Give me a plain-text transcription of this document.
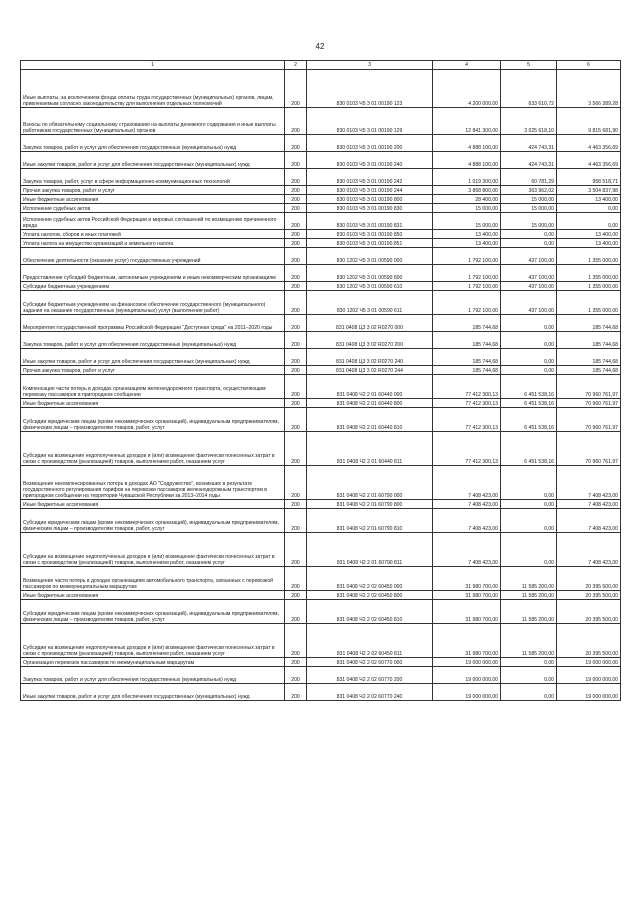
42
1	2	3	4	5	6
Иные выплаты, за исключением фонда оплаты труда государственных (муниципальных) органов, лицам, привлекаемым согласно законодательству для выполнения отдельных полномочий	200	830 0103 Ч5 3 01 00190 123	4 200 000,00	633 610,72	3 566 389,28
Взносы по обязательному социальному страхованию на выплаты денежного содержания и иные выплаты работникам государственных (муниципальных) органов	200	830 0103 Ч5 3 01 00190 129	12 841 300,00	3 025 618,10	9 815 681,90
Закупка товаров, работ и услуг для обеспечения государственных (муниципальных) нужд	200	830 0103 Ч5 3 01 00190 200	4 888 100,00	424 743,31	4 463 356,69
Иные закупки товаров, работ и услуг для обеспечения государственных (муниципальных) нужд	200	830 0103 Ч5 3 01 00190 240	4 888 100,00	424 743,31	4 463 356,69
Закупка товаров, работ, услуг в сфере информационно-коммуникационных технологий	200	830 0103 Ч5 3 01 00190 242	1 019 300,00	60 781,29	958 518,71
Прочая закупка товаров, работ и услуг	200	830 0103 Ч5 3 01 00190 244	3 868 800,00	363 962,02	3 504 837,98
Иные бюджетные ассигнования	200	830 0103 Ч5 3 01 00190 800	28 400,00	15 000,00	13 400,00
Исполнение судебных актов	200	830 0103 Ч5 3 01 00190 830	15 000,00	15 000,00	0,00
Исполнение судебных актов Российской Федерации и мировых соглашений по возмещению причиненного вреда	200	830 0103 Ч5 3 01 00190 831	15 000,00	15 000,00	0,00
Уплата налогов, сборов и иных платежей	200	830 0103 Ч5 3 01 00190 850	13 400,00	0,00	13 400,00
Уплата налога на имущество организаций и земельного налога	200	830 0103 Ч5 3 01 00190 851	13 400,00	0,00	13 400,00
Обеспечение деятельности (оказание услуг) государственных учреждений	200	830 1202 Ч5 3 01 00590 000	1 792 100,00	437 100,00	1 355 000,00
Предоставление субсидий бюджетным, автономным учреждениям и иным некоммерческим организациям	200	830 1202 Ч5 3 01 00590 600	1 792 100,00	437 100,00	1 355 000,00
Субсидии бюджетным учреждениям	200	830 1202 Ч5 3 01 00590 610	1 792 100,00	437 100,00	1 355 000,00
Субсидии бюджетным учреждениям на финансовое обеспечение государственного (муниципального) задания на оказание государственных (муниципальных) услуг (выполнение работ)	200	830 1202 Ч5 3 01 00590 611	1 792 100,00	437 100,00	1 355 000,00
Мероприятия государственной программы Российской Федерации "Доступная среда" на 2011–2020 годы	200	831 0408 Ц3 3 02 R0270 000	185 744,68	0,00	185 744,68
Закупка товаров, работ и услуг для обеспечения государственных (муниципальных) нужд	200	831 0408 Ц3 3 02 R0270 200	185 744,68	0,00	185 744,68
Иные закупки товаров, работ и услуг для обеспечения государственных (муниципальных) нужд	200	831 0408 Ц3 3 02 R0270 240	185 744,68	0,00	185 744,68
Прочая закупка товаров, работ и услуг	200	831 0408 Ц3 3 02 R0270 244	185 744,68	0,00	185 744,68
Компенсация части потерь в доходах организациям железнодорожного транспорта, осуществляющим перевозку пассажиров в пригородном сообщении	200	831 0408 Ч2 2 01 60440 000	77 412 300,13	6 451 538,16	70 960 761,97
Иные бюджетные ассигнования	200	831 0408 Ч2 2 01 60440 800	77 412 300,13	6 451 538,16	70 960 761,97
Субсидии юридическим лицам (кроме некоммерческих организаций), индивидуальным предпринимателям, физическим лицам – производителям товаров, работ, услуг	200	831 0408 Ч2 2 01 60440 810	77 412 300,13	6 451 538,16	70 960 761,97
Субсидии на возмещение недополученных доходов и (или) возмещение фактически понесенных затрат в связи с производством (реализацией) товаров, выполнением работ, оказанием услуг	200	831 0408 Ч2 2 01 60440 811	77 412 300,13	6 451 538,16	70 960 761,97
Возмещение некомпенсированных потерь в доходах АО "Содружество", возникших в результате государственного регулирования тарифов на перевозки пассажиров железнодорожным транспортом в пригородном сообщении на территории Чувашской Республики за 2013–2014 годы	200	831 0408 Ч2 2 01 60790 000	7 408 423,00	0,00	7 408 423,00
Иные бюджетные ассигнования	200	831 0408 Ч2 2 01 60790 800	7 408 423,00	0,00	7 408 423,00
Субсидии юридическим лицам (кроме некоммерческих организаций), индивидуальным предпринимателям, физическим лицам – производителям товаров, работ, услуг	200	831 0408 Ч2 2 01 60790 810	7 408 423,00	0,00	7 408 423,00
Субсидии на возмещение недополученных доходов и (или) возмещение фактически понесенных затрат в связи с производством (реализацией) товаров, выполнением работ, оказанием услуг	200	831 0408 Ч2 2 01 60790 811	7 408 423,00	0,00	7 408 423,00
Возмещение части потерь в доходах организациям автомобильного транспорта, связанных с перевозкой пассажиров по межмуниципальным маршрутам	200	831 0408 Ч2 2 02 60450 000	31 980 700,00	11 585 200,00	20 395 500,00
Иные бюджетные ассигнования	200	831 0408 Ч2 2 02 60450 800	31 980 700,00	11 585 200,00	20 395 500,00
Субсидии юридическим лицам (кроме некоммерческих организаций), индивидуальным предпринимателям, физическим лицам – производителям товаров, работ, услуг	200	831 0408 Ч2 2 02 60450 810	31 980 700,00	11 585 200,00	20 395 500,00
Субсидии на возмещение недополученных доходов и (или) возмещение фактически понесенных затрат в связи с производством (реализацией) товаров, выполнением работ, оказанием услуг	200	831 0408 Ч2 2 02 60450 811	31 980 700,00	11 585 200,00	20 395 500,00
Организация перевозок пассажиров по межмуниципальным маршрутам	200	831 0408 Ч2 2 02 60770 000	19 000 000,00	0,00	19 000 000,00
Закупка товаров, работ и услуг для обеспечения государственных (муниципальных) нужд	200	831 0408 Ч2 2 02 60770 200	19 000 000,00	0,00	19 000 000,00
Иные закупки товаров, работ и услуг для обеспечения государственных (муниципальных) нужд	200	831 0408 Ч2 2 02 60770 240	19 000 000,00	0,00	19 000 000,00
